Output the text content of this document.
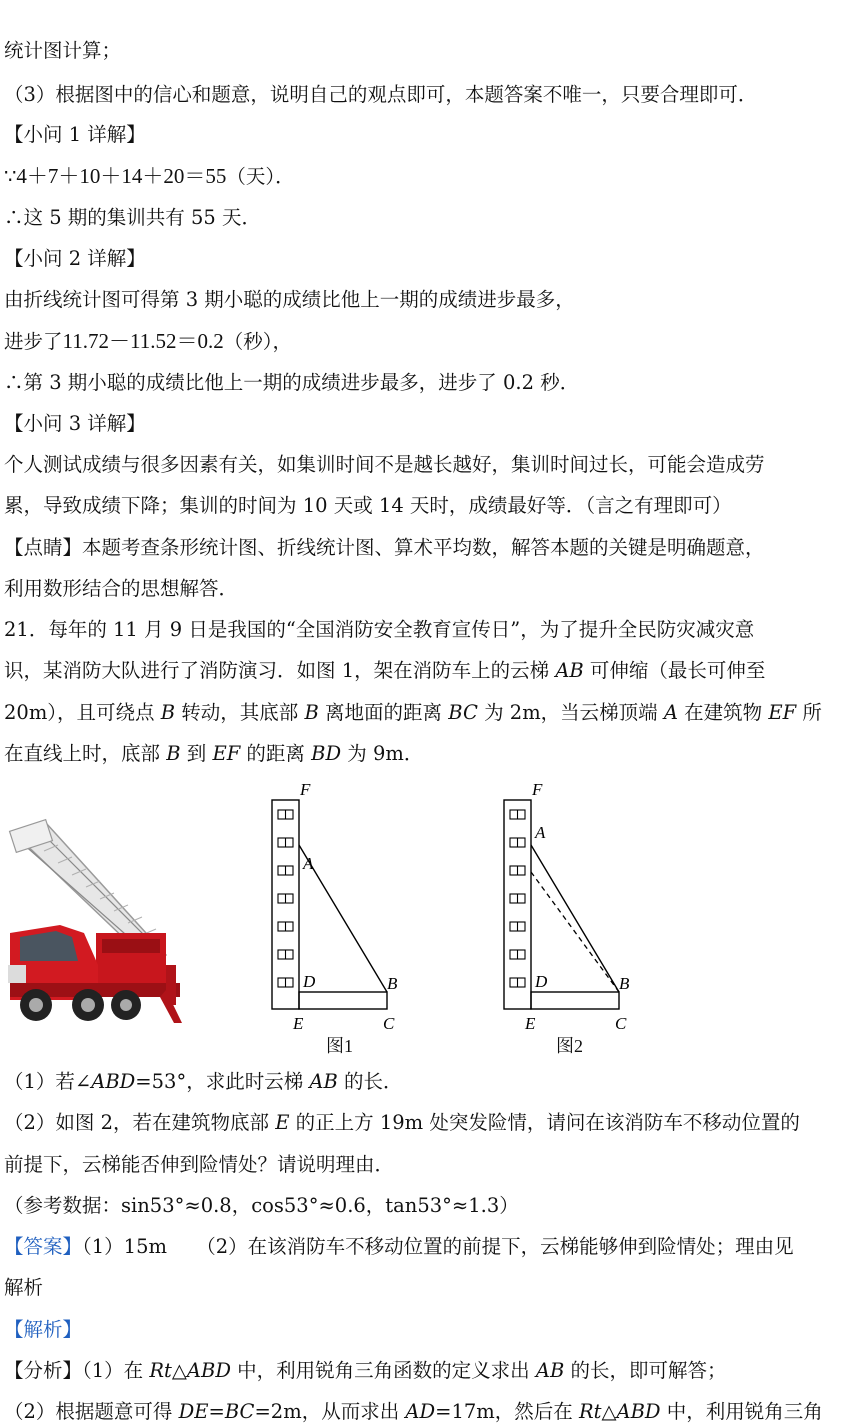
统计图计算；
（3）根据图中的信心和题意，说明自己的观点即可，本题答案不唯一，只要合理即可．
【小问 1 详解】
∵4＋7＋10＋14＋20＝55（天）．
∴这 5 期的集训共有 55 天．
【小问 2 详解】
由折线统计图可得第 3 期小聪的成绩比他上一期的成绩进步最多，
进步了11.72－11.52＝0.2（秒），
∴第 3 期小聪的成绩比他上一期的成绩进步最多，进步了 0.2 秒．
【小问 3 详解】
个人测试成绩与很多因素有关，如集训时间不是越长越好，集训时间过长，可能会造成劳
累，导致成绩下降；集训的时间为 10 天或 14 天时，成绩最好等．（言之有理即可）
【点睛】本题考查条形统计图、折线统计图、算术平均数，解答本题的关键是明确题意，
利用数形结合的思想解答．
21．每年的 11 月 9 日是我国的“全国消防安全教育宣传日”，为了提升全民防灾减灾意
识，某消防大队进行了消防演习．如图 1，架在消防车上的云梯 AB 可伸缩（最长可伸至
20m），且可绕点 B 转动，其底部 B 离地面的距离 BC 为 2m，当云梯顶端 A 在建筑物 EF 所
在直线上时，底部 B 到 EF 的距离 BD 为 9m．
F
A
D	B
E	C
图1
F
A
D	B
E	C
图2
（1）若∠ABD=53°，求此时云梯 AB 的长．
（2）如图 2，若在建筑物底部 E 的正上方 19m 处突发险情，请问在该消防车不移动位置的
前提下，云梯能否伸到险情处？请说明理由．
（参考数据：sin53°≈0.8，cos53°≈0.6，tan53°≈1.3）
【答案】（1）15m　　（2）在该消防车不移动位置的前提下，云梯能够伸到险情处；理由见
解析
【解析】
【分析】（1）在 Rt△ABD 中，利用锐角三角函数的定义求出 AB 的长，即可解答；
（2）根据题意可得 DE=BC=2m，从而求出 AD=17m，然后在 Rt△ABD 中，利用锐角三角
